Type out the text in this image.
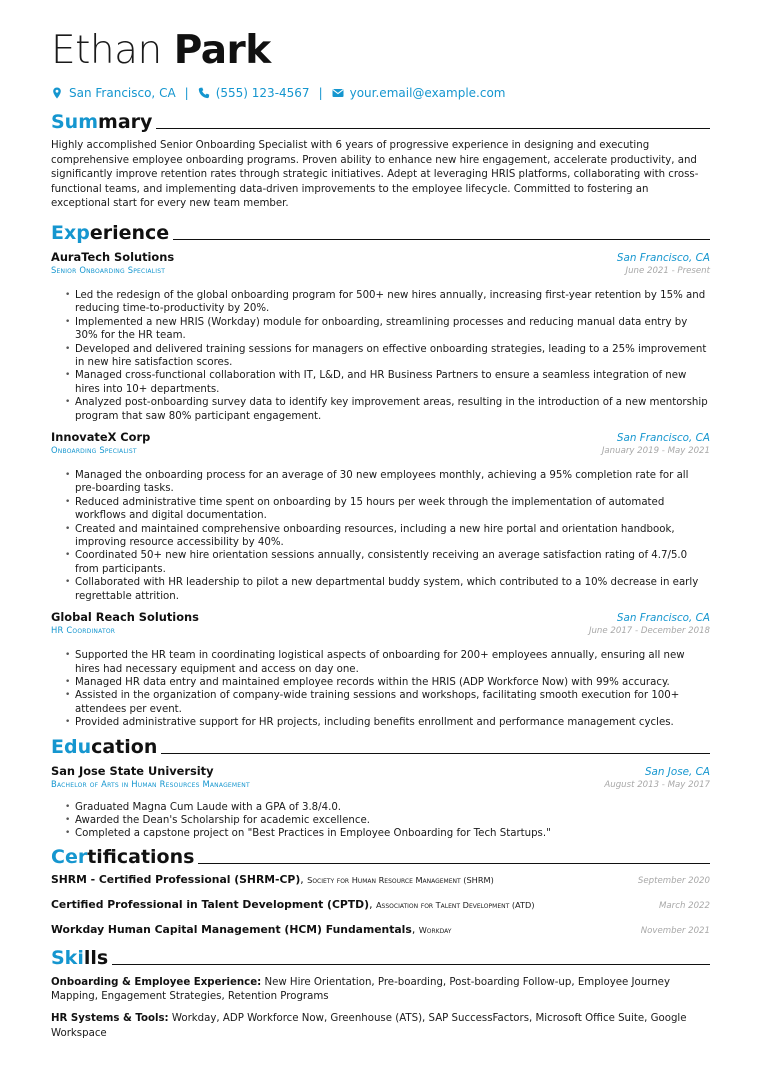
Ethan Park
San Francisco, CA | (555) 123-4567 | your.email@example.com
Summary

Highly accomplished Senior Onboarding Specialist with 6 years of progressive experience in designing and executing comprehensive employee onboarding programs. Proven ability to enhance new hire engagement, accelerate productivity, and significantly improve retention rates through strategic initiatives. Adept at leveraging HRIS platforms, collaborating with cross-functional teams, and implementing data-driven improvements to the employee lifecycle. Committed to fostering an exceptional start for every new team member.

Experience
AuraTech Solutions	San Francisco, CA
Senior Onboarding Specialist	June 2021 - Present
• Led the redesign of the global onboarding program for 500+ new hires annually, increasing first-year retention by 15% and reducing time-to-productivity by 20%.
• Implemented a new HRIS (Workday) module for onboarding, streamlining processes and reducing manual data entry by 30% for the HR team.
• Developed and delivered training sessions for managers on effective onboarding strategies, leading to a 25% improvement in new hire satisfaction scores.
• Managed cross-functional collaboration with IT, L&D, and HR Business Partners to ensure a seamless integration of new hires into 10+ departments.
• Analyzed post-onboarding survey data to identify key improvement areas, resulting in the introduction of a new mentorship program that saw 80% participant engagement.
InnovateX Corp	San Francisco, CA
Onboarding Specialist	January 2019 - May 2021
• Managed the onboarding process for an average of 30 new employees monthly, achieving a 95% completion rate for all pre-boarding tasks.
• Reduced administrative time spent on onboarding by 15 hours per week through the implementation of automated workflows and digital documentation.
• Created and maintained comprehensive onboarding resources, including a new hire portal and orientation handbook, improving resource accessibility by 40%.
• Coordinated 50+ new hire orientation sessions annually, consistently receiving an average satisfaction rating of 4.7/5.0 from participants.
• Collaborated with HR leadership to pilot a new departmental buddy system, which contributed to a 10% decrease in early regrettable attrition.
Global Reach Solutions	San Francisco, CA
HR Coordinator	June 2017 - December 2018
• Supported the HR team in coordinating logistical aspects of onboarding for 200+ employees annually, ensuring all new hires had necessary equipment and access on day one.
• Managed HR data entry and maintained employee records within the HRIS (ADP Workforce Now) with 99% accuracy.
• Assisted in the organization of company-wide training sessions and workshops, facilitating smooth execution for 100+ attendees per event.
• Provided administrative support for HR projects, including benefits enrollment and performance management cycles.
Education
San Jose State University	San Jose, CA
Bachelor of Arts in Human Resources Management	August 2013 - May 2017
• Graduated Magna Cum Laude with a GPA of 3.8/4.0.
• Awarded the Dean's Scholarship for academic excellence.
• Completed a capstone project on "Best Practices in Employee Onboarding for Tech Startups."
Certifications
SHRM - Certified Professional (SHRM-CP), Society for Human Resource Management (SHRM)	September 2020
Certified Professional in Talent Development (CPTD), Association for Talent Development (ATD)	March 2022
Workday Human Capital Management (HCM) Fundamentals, Workday	November 2021
Skills

Onboarding & Employee Experience: New Hire Orientation, Pre-boarding, Post-boarding Follow-up, Employee Journey Mapping, Engagement Strategies, Retention Programs

HR Systems & Tools: Workday, ADP Workforce Now, Greenhouse (ATS), SAP SuccessFactors, Microsoft Office Suite, Google Workspace
